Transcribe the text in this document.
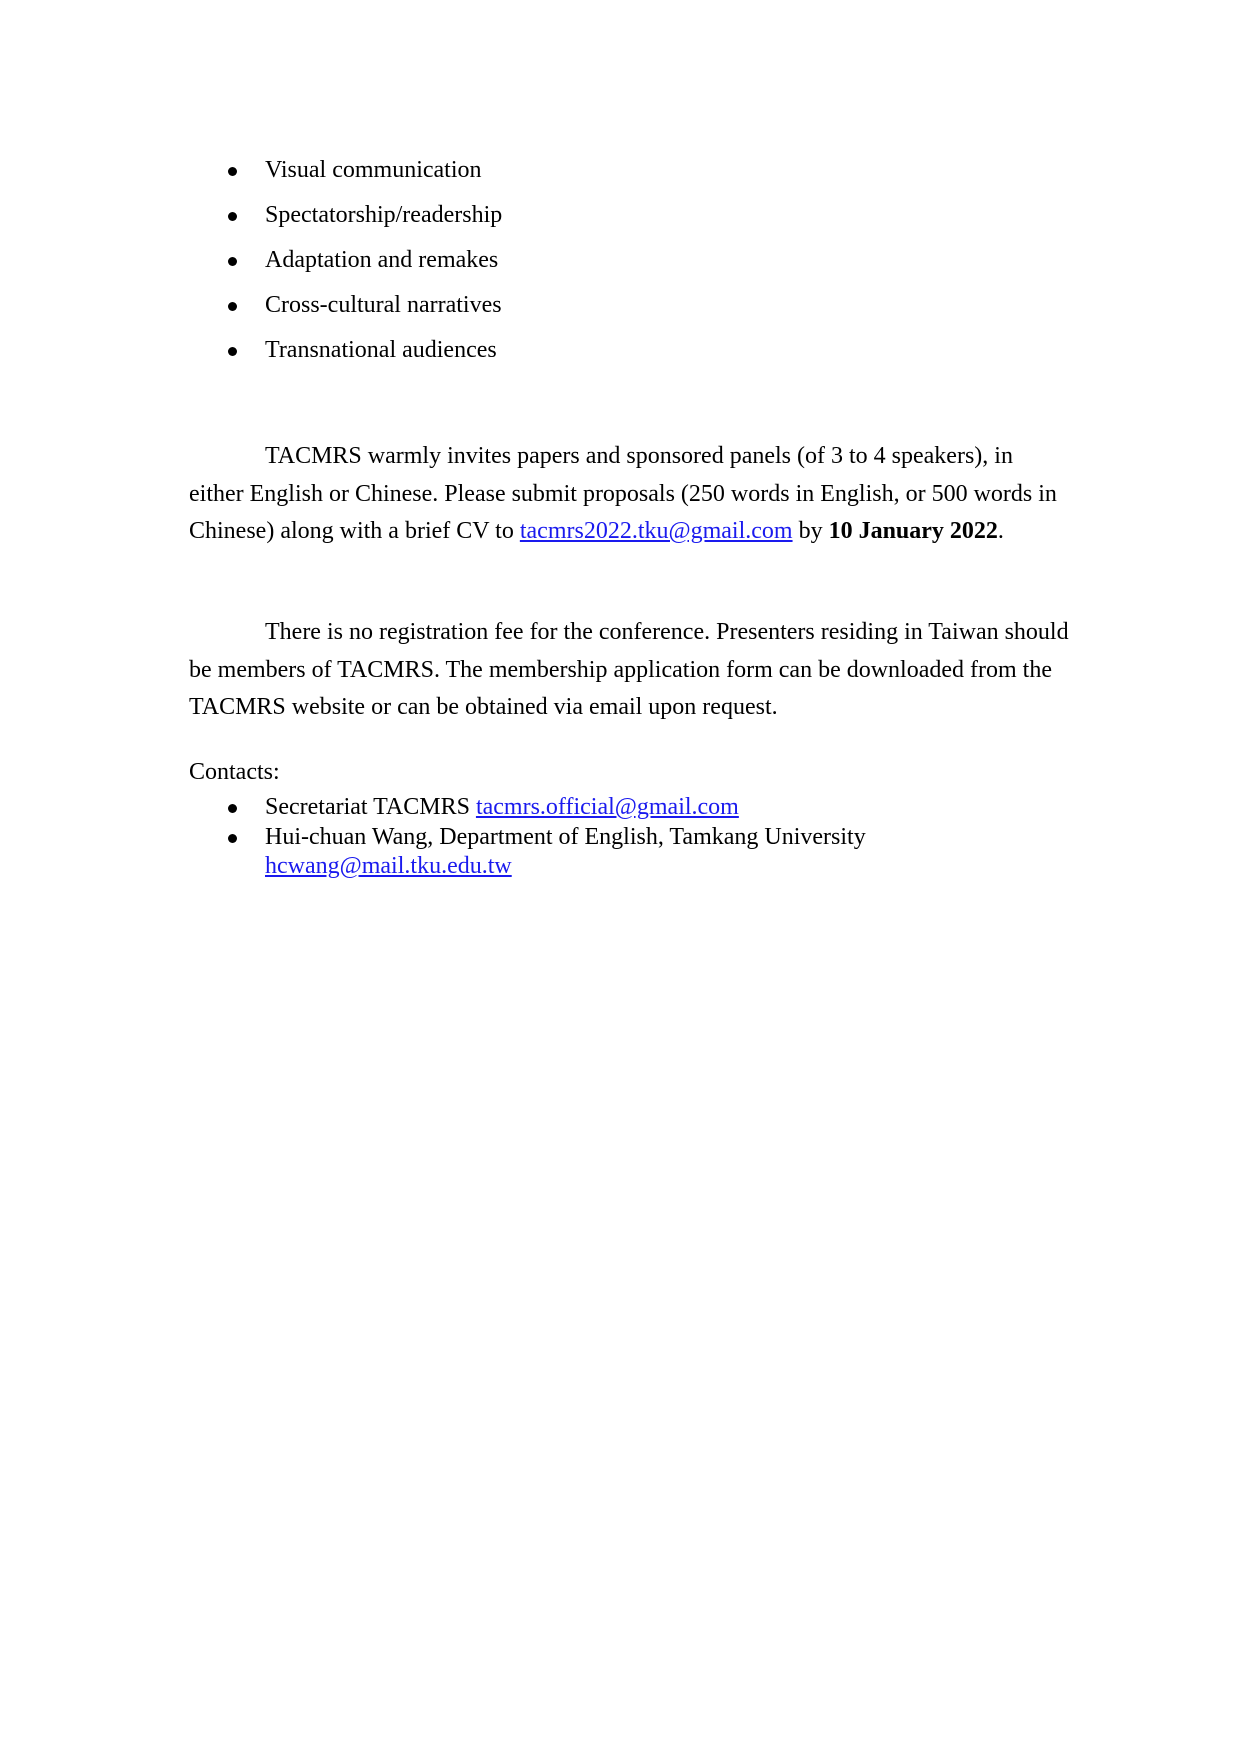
Visual communication
Spectatorship/readership
Adaptation and remakes
Cross-cultural narratives
Transnational audiences

TACMRS warmly invites papers and sponsored panels (of 3 to 4 speakers), in either English or Chinese. Please submit proposals (250 words in English, or 500 words in Chinese) along with a brief CV to tacmrs2022.tku@gmail.com by 10 January 2022.

There is no registration fee for the conference. Presenters residing in Taiwan should be members of TACMRS. The membership application form can be downloaded from the TACMRS website or can be obtained via email upon request.

Contacts:

Secretariat TACMRS tacmrs.official@gmail.com
Hui-chuan Wang, Department of English, Tamkang University
hcwang@mail.tku.edu.tw
